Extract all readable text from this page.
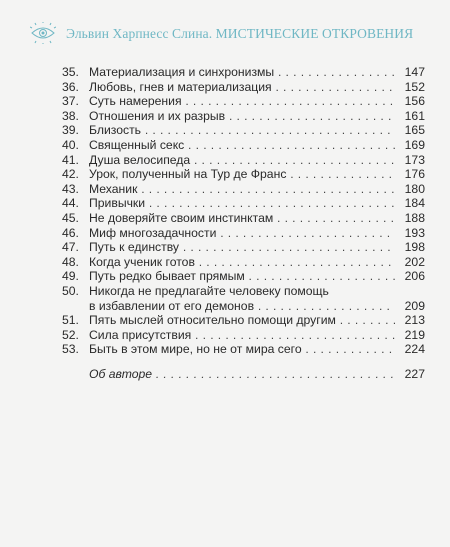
Эльвин Харпнесс Слина. МИСТИЧЕСКИЕ ОТКРОВЕНИЯ
35. Материализация и синхронизмы . . .	147
36. Любовь, гнев и материализация . . .	152
37. Суть намерения . . .	156
38. Отношения и их разрыв . . .	161
39. Близость . . .	165
40. Священный секс . . .	169
41. Душа велосипеда . . .	173
42. Урок, полученный на Тур де Франс . . .	176
43. Механик . . .	180
44. Привычки . . .	184
45. Не доверяйте своим инстинктам . . .	188
46. Миф многозадачности . . .	193
47. Путь к единству . . .	198
48. Когда ученик готов . . .	202
49. Путь редко бывает прямым . . .	206
50. Никогда не предлагайте человеку помощь
в избавлении от его демонов . . .	209
51. Пять мыслей относительно помощи другим . . .	213
52. Сила присутствия . . .	219
53. Быть в этом мире, но не от мира сего . . .	224
Об авторе . . .	227
